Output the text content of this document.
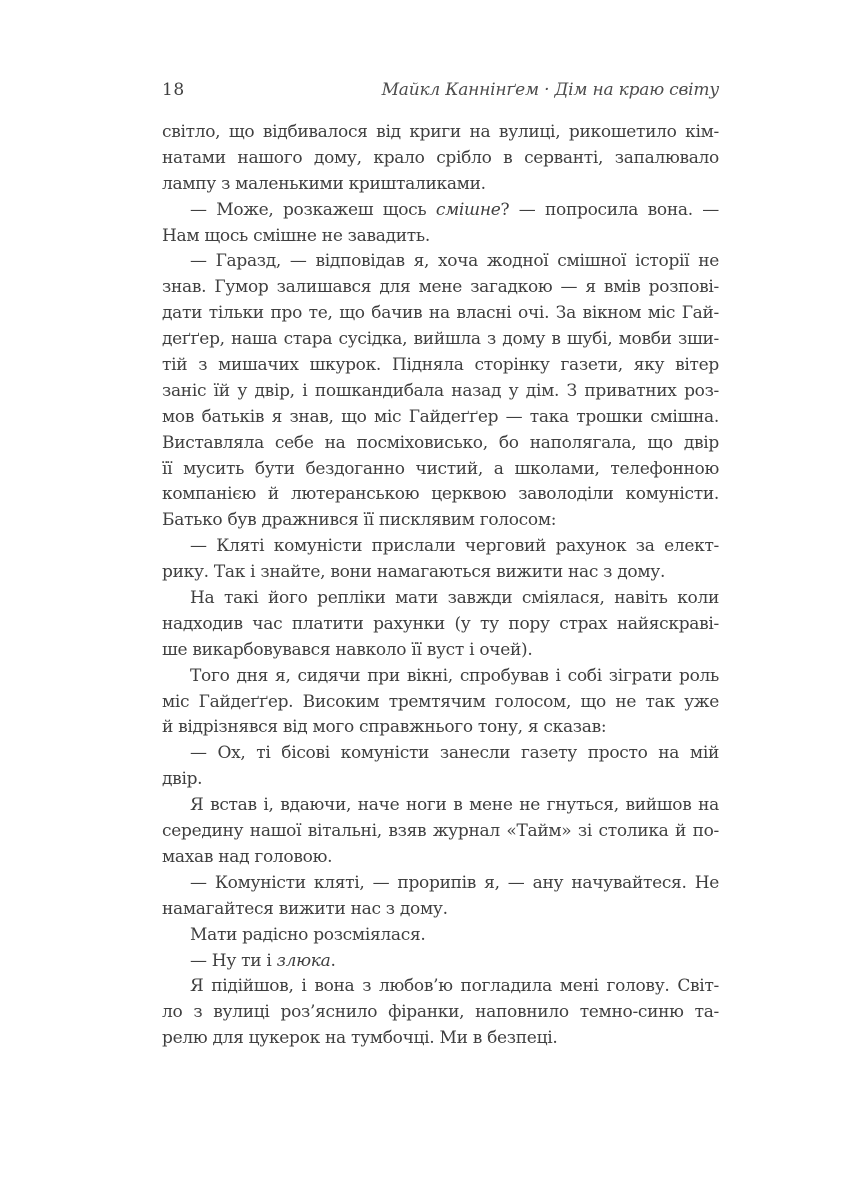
18	Майкл Каннінґем · Дім на краю світу
світло, що відбивалося від криги на вулиці, рикошетило кім-
натами нашого дому, крало срібло в серванті, запалювало
лампу з маленькими кришталиками.
— Може, розкажеш щось смішне? — попросила вона. —
Нам щось смішне не завадить.
— Гаразд, — відповідав я, хоча жодної смішної історії не
знав. Гумор залишався для мене загадкою — я вмів розпові-
дати тільки про те, що бачив на власні очі. За вікном міс Гай-
деґґер, наша стара сусідка, вийшла з дому в шубі, мовби зши-
тій з мишачих шкурок. Підняла сторінку газети, яку вітер
заніс їй у двір, і пошкандибала назад у дім. З приватних роз-
мов батьків я знав, що міс Гайдеґґер — така трошки смішна.
Виставляла себе на посміховисько, бо наполягала, що двір
її мусить бути бездоганно чистий, а школами, телефонною
компанією й лютеранською церквою заволоділи комуністи.
Батько був дражнився її писклявим голосом:
— Кляті комуністи прислали черговий рахунок за елект-
рику. Так і знайте, вони намагаються вижити нас з дому.
На такі його репліки мати завжди сміялася, навіть коли
надходив час платити рахунки (у ту пору страх найяскраві-
ше викарбовувався навколо її вуст і очей).
Того дня я, сидячи при вікні, спробував і собі зіграти роль
міс Гайдеґґер. Високим тремтячим голосом, що не так уже
й відрізнявся від мого справжнього тону, я сказав:
— Ох, ті бісові комуністи занесли газету просто на мій
двір.
Я встав і, вдаючи, наче ноги в мене не гнуться, вийшов на
середину нашої вітальні, взяв журнал «Тайм» зі столика й по-
махав над головою.
— Комуністи кляті, — прорипів я, — ану начувайтеся. Не
намагайтеся вижити нас з дому.
Мати радісно розсміялася.
— Ну ти і злюка.
Я підійшов, і вона з любов’ю погладила мені голову. Світ-
ло з вулиці роз’яснило фіранки, наповнило темно-синю та-
релю для цукерок на тумбочці. Ми в безпеці.
